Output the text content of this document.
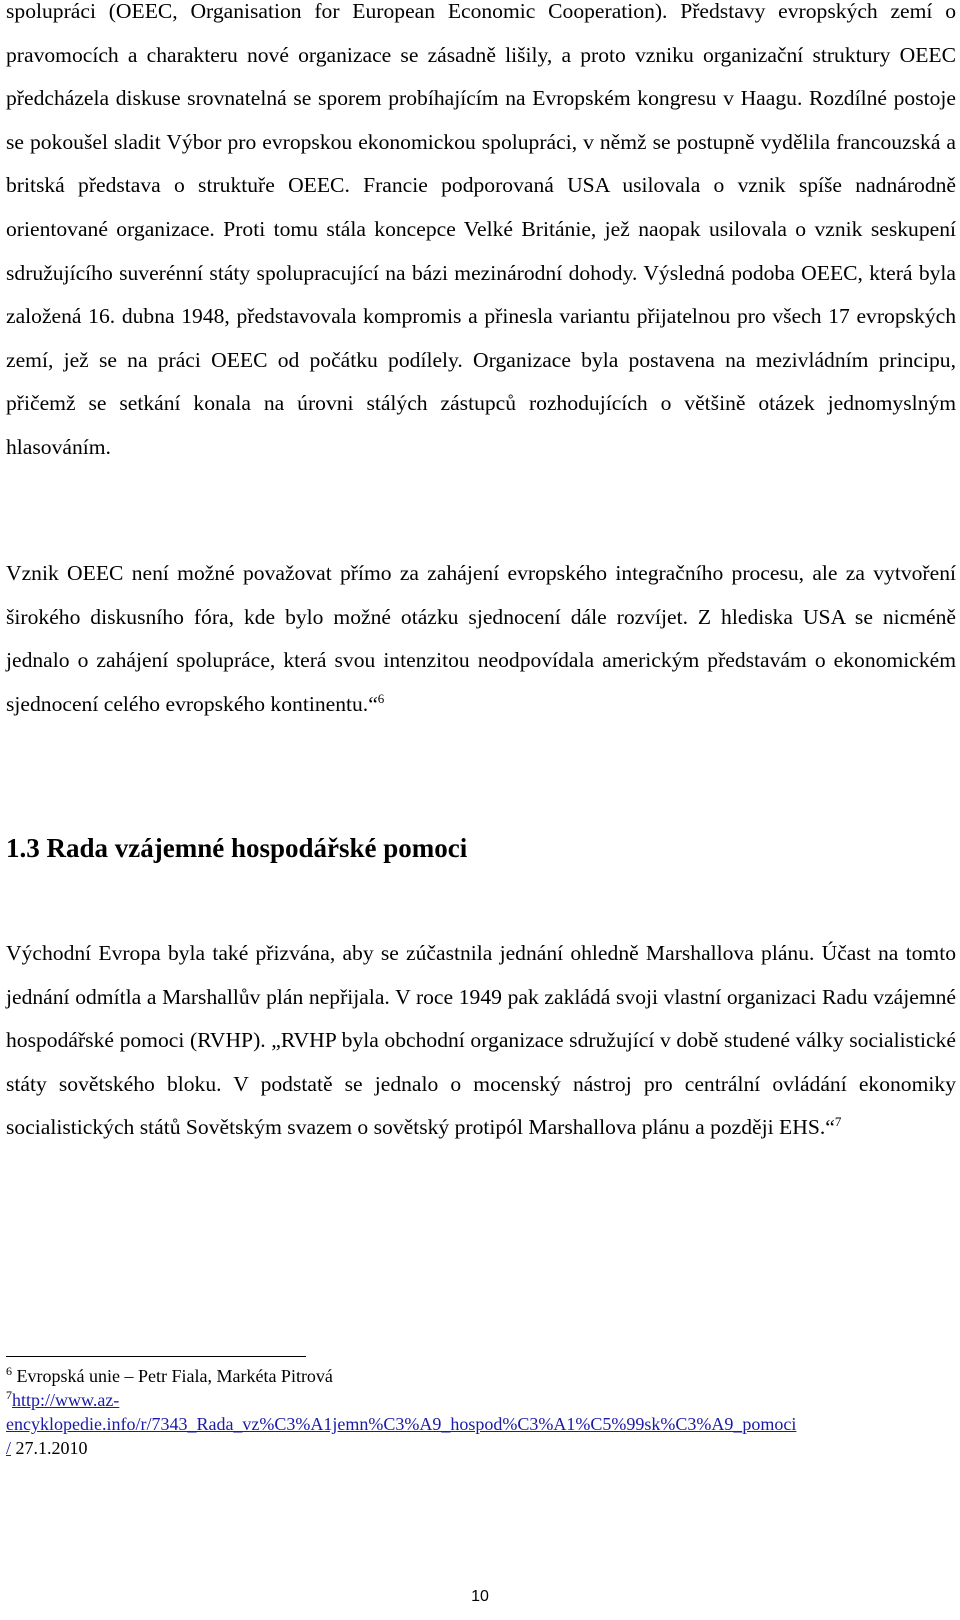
spolupráci (OEEC, Organisation for European Economic Cooperation). Představy evropských zemí o pravomocích a charakteru nové organizace se zásadně lišily, a proto vzniku organizační struktury OEEC předcházela diskuse srovnatelná se sporem probíhajícím na Evropském kongresu v Haagu. Rozdílné postoje se pokoušel sladit Výbor pro evropskou ekonomickou spolupráci, v němž se postupně vydělila francouzská a britská představa o struktuře OEEC. Francie podporovaná USA usilovala o vznik spíše nadnárodně orientované organizace. Proti tomu stála koncepce Velké Británie, jež naopak usilovala o vznik seskupení sdružujícího suverénní státy spolupracující na bázi mezinárodní dohody. Výsledná podoba OEEC, která byla založená 16. dubna 1948, představovala kompromis a přinesla variantu přijatelnou pro všech 17 evropských zemí, jež se na práci OEEC od počátku podílely. Organizace byla postavena na mezivládním principu, přičemž se setkání konala na úrovni stálých zástupců rozhodujících o většině otázek jednomyslným hlasováním.

Vznik OEEC není možné považovat přímo za zahájení evropského integračního procesu, ale za vytvoření širokého diskusního fóra, kde bylo možné otázku sjednocení dále rozvíjet. Z hlediska USA se nicméně jednalo o zahájení spolupráce, která svou intenzitou neodpovídala americkým představám o ekonomickém sjednocení celého evropského kontinentu.“$^6$

1.3 Rada vzájemné hospodářské pomoci

Východní Evropa byla také přizvána, aby se zúčastnila jednání ohledně Marshallova plánu. Účast na tomto jednání odmítla a Marshallův plán nepřijala. V roce 1949 pak zakládá svoji vlastní organizaci Radu vzájemné hospodářské pomoci (RVHP). „RVHP byla obchodní organizace sdružující v době studené války socialistické státy sovětského bloku. V podstatě se jednalo o mocenský nástroj pro centrální ovládání ekonomiky socialistických států Sovětským svazem o sovětský protipól Marshallova plánu a později EHS.“$^7$

$^6$ Evropská unie – Petr Fiala, Markéta Pitrová

$^7$http://www.az-
encyklopedie.info/r/7343_Rada_vz%C3%A1jemn%C3%A9_hospod%C3%A1%C5%99sk%C3%A9_pomoci
/ 27.1.2010

10
